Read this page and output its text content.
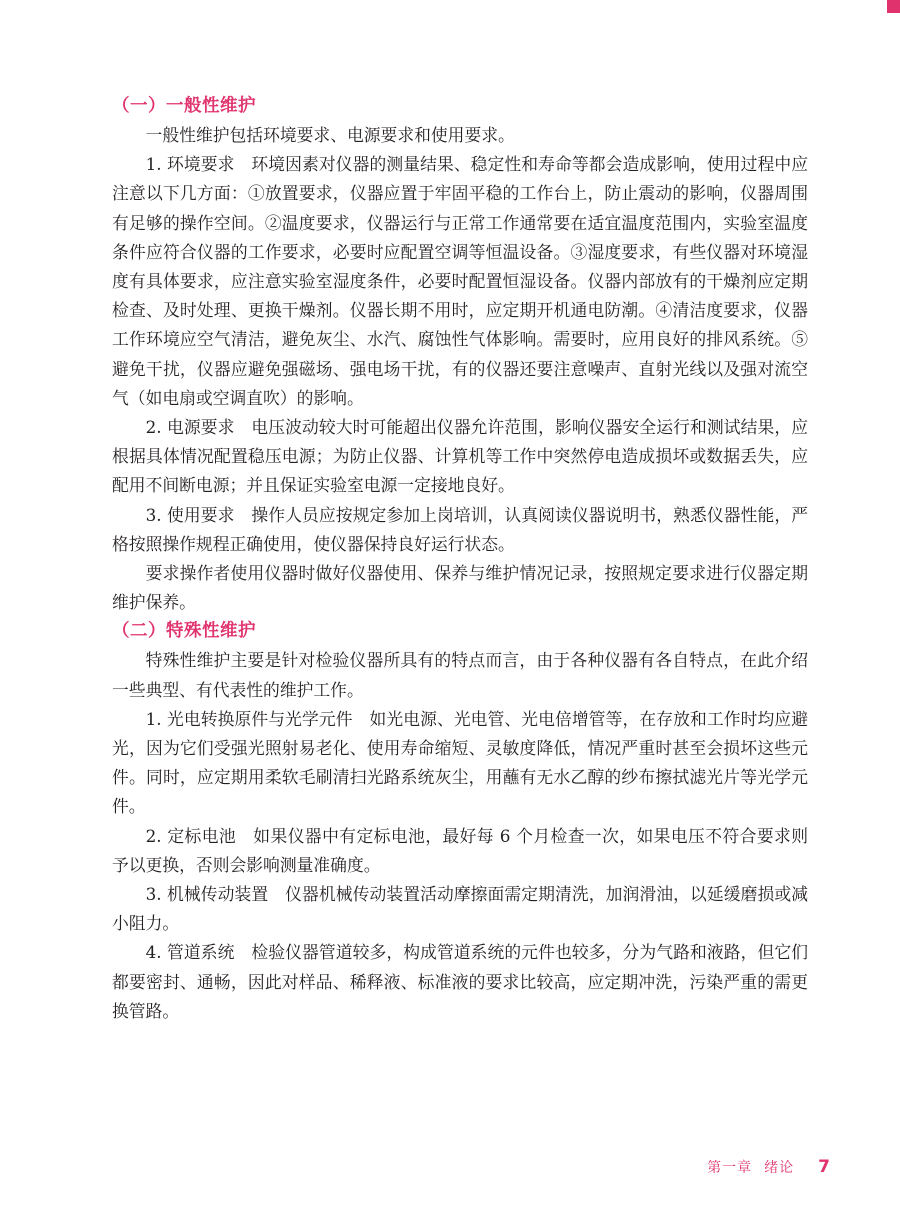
（一）一般性维护

一般性维护包括环境要求、电源要求和使用要求。

1. 环境要求　环境因素对仪器的测量结果、稳定性和寿命等都会造成影响，使用过程中应注意以下几方面：①放置要求，仪器应置于牢固平稳的工作台上，防止震动的影响，仪器周围有足够的操作空间。②温度要求，仪器运行与正常工作通常要在适宜温度范围内，实验室温度条件应符合仪器的工作要求，必要时应配置空调等恒温设备。③湿度要求，有些仪器对环境湿度有具体要求，应注意实验室湿度条件，必要时配置恒湿设备。仪器内部放有的干燥剂应定期检查、及时处理、更换干燥剂。仪器长期不用时，应定期开机通电防潮。④清洁度要求，仪器工作环境应空气清洁，避免灰尘、水汽、腐蚀性气体影响。需要时，应用良好的排风系统。⑤避免干扰，仪器应避免强磁场、强电场干扰，有的仪器还要注意噪声、直射光线以及强对流空气（如电扇或空调直吹）的影响。

2. 电源要求　电压波动较大时可能超出仪器允许范围，影响仪器安全运行和测试结果，应根据具体情况配置稳压电源；为防止仪器、计算机等工作中突然停电造成损坏或数据丢失，应配用不间断电源；并且保证实验室电源一定接地良好。

3. 使用要求　操作人员应按规定参加上岗培训，认真阅读仪器说明书，熟悉仪器性能，严格按照操作规程正确使用，使仪器保持良好运行状态。

要求操作者使用仪器时做好仪器使用、保养与维护情况记录，按照规定要求进行仪器定期维护保养。

（二）特殊性维护

特殊性维护主要是针对检验仪器所具有的特点而言，由于各种仪器有各自特点，在此介绍一些典型、有代表性的维护工作。

1. 光电转换原件与光学元件　如光电源、光电管、光电倍增管等，在存放和工作时均应避光，因为它们受强光照射易老化、使用寿命缩短、灵敏度降低，情况严重时甚至会损坏这些元件。同时，应定期用柔软毛刷清扫光路系统灰尘，用蘸有无水乙醇的纱布擦拭滤光片等光学元件。

2. 定标电池　如果仪器中有定标电池，最好每 6 个月检查一次，如果电压不符合要求则予以更换，否则会影响测量准确度。

3. 机械传动装置　仪器机械传动装置活动摩擦面需定期清洗，加润滑油，以延缓磨损或减小阻力。

4. 管道系统　检验仪器管道较多，构成管道系统的元件也较多，分为气路和液路，但它们都要密封、通畅，因此对样品、稀释液、标准液的要求比较高，应定期冲洗，污染严重的需更换管路。

第一章 绪论 7
